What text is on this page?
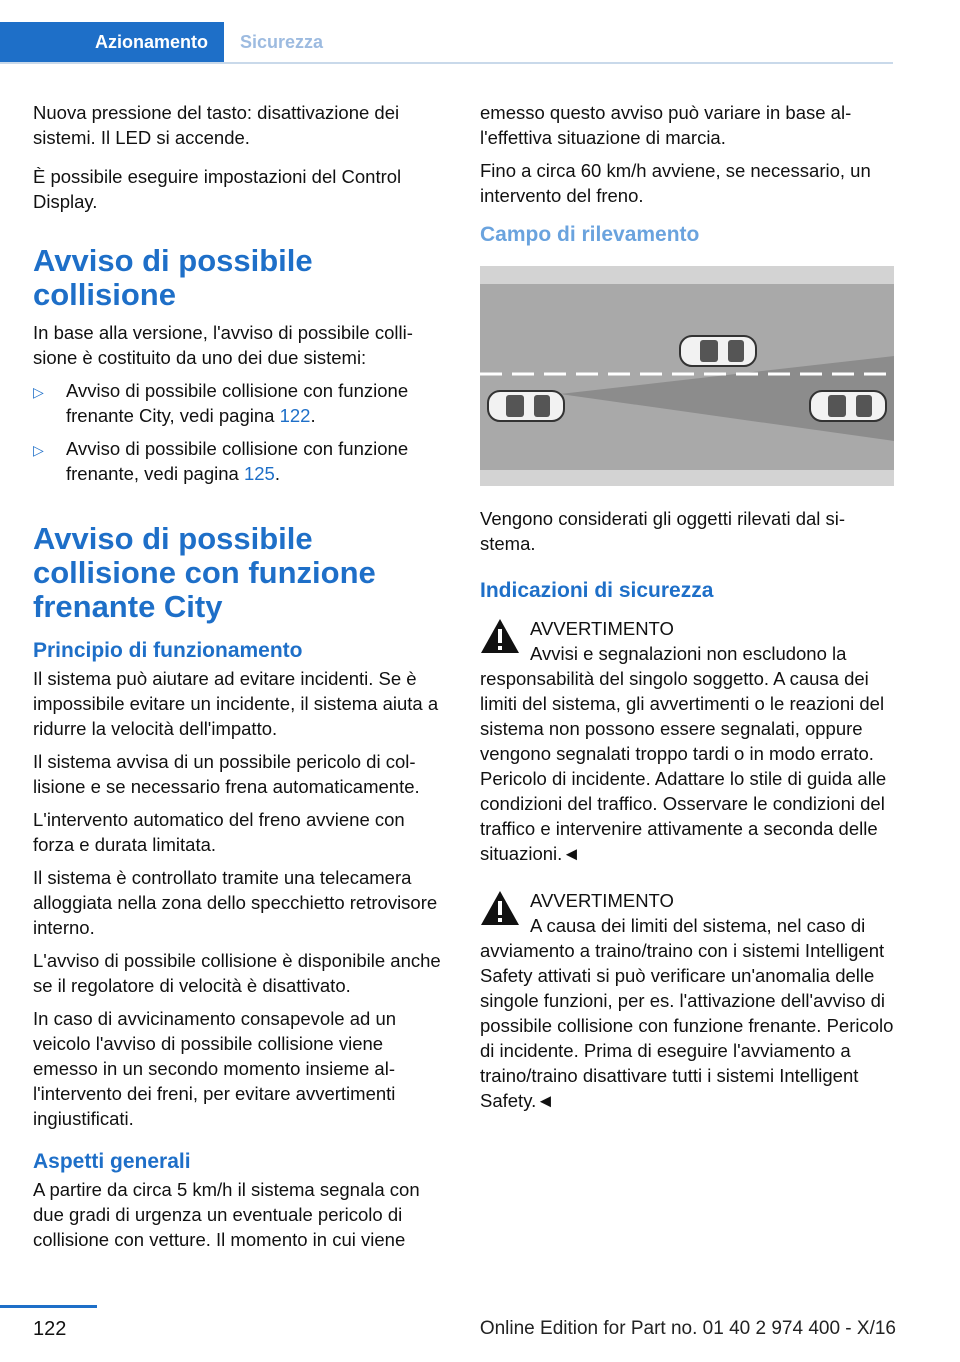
Azionamento	Sicurezza

Nuova pressione del tasto: disattivazione dei sistemi. Il LED si accende.

È possibile eseguire impostazioni del Control Display.

Avviso di possibile collisione

In base alla versione, l'avviso di possibile collisione è costituito da uno dei due sistemi:

▷ Avviso di possibile collisione con funzione frenante City, vedi pagina 122.
▷ Avviso di possibile collisione con funzione frenante, vedi pagina 125.
Avviso di possibile collisione con funzione frenante City
Principio di funzionamento

Il sistema può aiutare ad evitare incidenti. Se è impossibile evitare un incidente, il sistema aiuta a ridurre la velocità dell'impatto.

Il sistema avvisa di un possibile pericolo di collisione e se necessario frena automaticamente.

L'intervento automatico del freno avviene con forza e durata limitata.

Il sistema è controllato tramite una telecamera alloggiata nella zona dello specchietto retrovisore interno.

L'avviso di possibile collisione è disponibile anche se il regolatore di velocità è disattivato.

In caso di avvicinamento consapevole ad un veicolo l'avviso di possibile collisione viene emesso in un secondo momento insieme all'intervento dei freni, per evitare avvertimenti ingiustificati.

Aspetti generali

A partire da circa 5 km/h il sistema segnala con due gradi di urgenza un eventuale pericolo di collisione con vetture. Il momento in cui viene

emesso questo avviso può variare in base all'effettiva situazione di marcia.

Fino a circa 60 km/h avviene, se necessario, un intervento del freno.

Campo di rilevamento

Vengono considerati gli oggetti rilevati dal sistema.

Indicazioni di sicurezza
AVVERTIMENTO
Avvisi e segnalazioni non escludono la responsabilità del singolo soggetto. A causa dei limiti del sistema, gli avvertimenti o le reazioni del sistema non possono essere segnalati, oppure vengono segnalati troppo tardi o in modo errato. Pericolo di incidente. Adattare lo stile di guida alle condizioni del traffico. Osservare le condizioni del traffico e intervenire attivamente a seconda delle situazioni.◄
AVVERTIMENTO
A causa dei limiti del sistema, nel caso di avviamento a traino/traino con i sistemi Intelligent Safety attivati si può verificare un'anomalia delle singole funzioni, per es. l'attivazione dell'avviso di possibile collisione con funzione frenante. Pericolo di incidente. Prima di eseguire l'avviamento a traino/traino disattivare tutti i sistemi Intelligent Safety.◄
122	Online Edition for Part no. 01 40 2 974 400 - X/16
